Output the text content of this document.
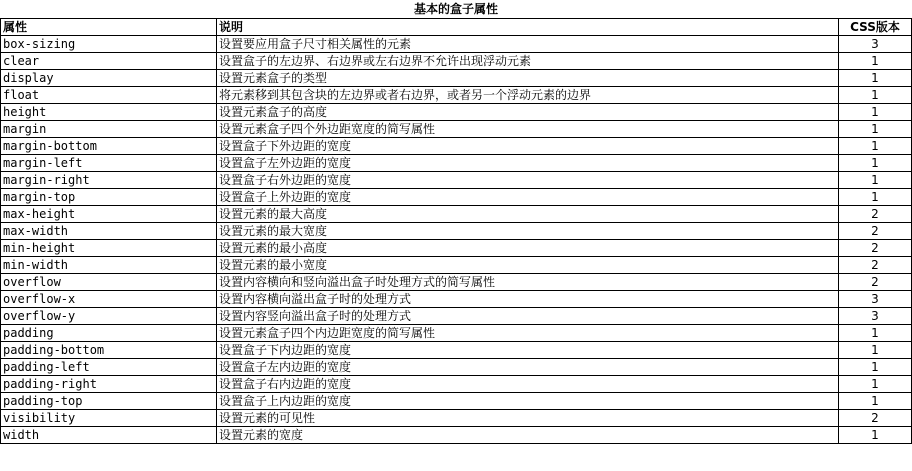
基本的盒子属性
属性	说明	CSS版本
box-sizing	设置要应用盒子尺寸相关属性的元素	3
clear	设置盒子的左边界、右边界或左右边界不允许出现浮动元素	1
display	设置元素盒子的类型	1
float	将元素移到其包含块的左边界或者右边界，或者另一个浮动元素的边界	1
height	设置元素盒子的高度	1
margin	设置元素盒子四个外边距宽度的简写属性	1
margin-bottom	设置盒子下外边距的宽度	1
margin-left	设置盒子左外边距的宽度	1
margin-right	设置盒子右外边距的宽度	1
margin-top	设置盒子上外边距的宽度	1
max-height	设置元素的最大高度	2
max-width	设置元素的最大宽度	2
min-height	设置元素的最小高度	2
min-width	设置元素的最小宽度	2
overflow	设置内容横向和竖向溢出盒子时处理方式的简写属性	2
overflow-x	设置内容横向溢出盒子时的处理方式	3
overflow-y	设置内容竖向溢出盒子时的处理方式	3
padding	设置元素盒子四个内边距宽度的简写属性	1
padding-bottom	设置盒子下内边距的宽度	1
padding-left	设置盒子左内边距的宽度	1
padding-right	设置盒子右内边距的宽度	1
padding-top	设置盒子上内边距的宽度	1
visibility	设置元素的可见性	2
width	设置元素的宽度	1
